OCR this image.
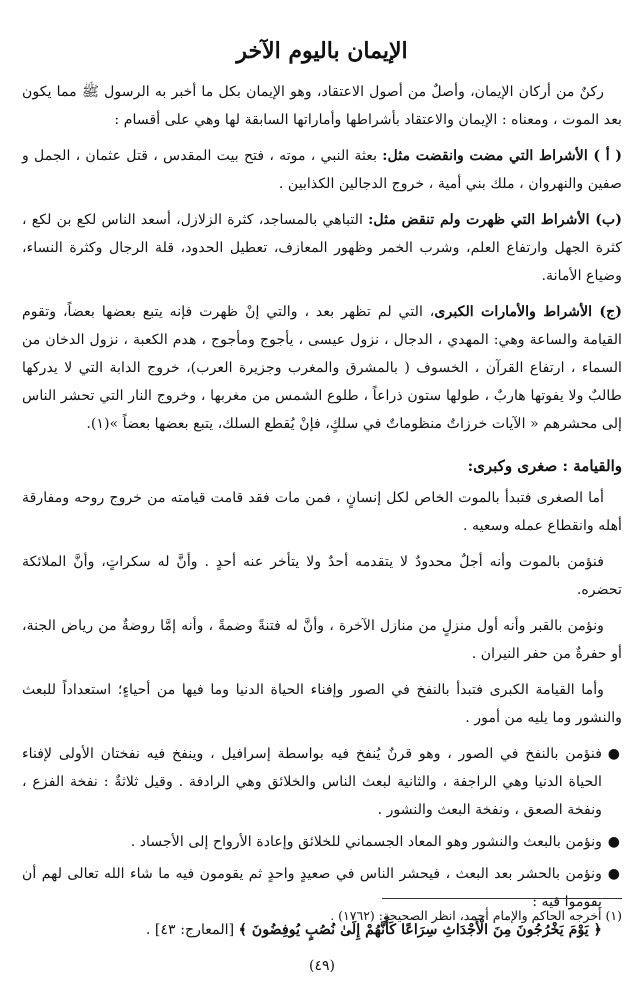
الإيمان باليوم الآخر

ركنٌ من أركان الإيمان، وأصلٌ من أصول الاعتقاد، وهو الإيمان بكل ما أخبر به الرسول ﷺ مما يكون بعد الموت ، ومعناه : الإيمان والاعتقاد بأشراطها وأماراتها السابقة لها وهي على أقسام :

( أ ) الأشراط التي مضت وانقضت مثل: بعثة النبي ، موته ، فتح بيت المقدس ، قتل عثمان ، الجمل و صفين والنهروان ، ملك بني أمية ، خروج الدجالين الكذابين .

(ب) الأشراط التي ظهرت ولم تنقض مثل: التباهي بالمساجد، كثرة الزلازل، أسعد الناس لكع بن لكع ، كثرة الجهل وارتفاع العلم، وشرب الخمر وظهور المعازف، تعطيل الحدود، قلة الرجال وكثرة النساء، وضياع الأمانة.

(ج) الأشراط والأمارات الكبرى، التي لم تظهر بعد ، والتي إنْ ظهرت فإنه يتبع بعضها بعضاً، وتقوم القيامة والساعة وهي: المهدي ، الدجال ، نزول عيسى ، يأجوج ومأجوج ، هدم الكعبة ، نزول الدخان من السماء ، ارتفاع القرآن ، الخسوف ( بالمشرق والمغرب وجزيرة العرب)، خروج الدابة التي لا يدركها طالبٌ ولا يفوتها هاربٌ ، طولها ستون ذراعاً ، طلوع الشمس من مغربها ، وخروج النار التي تحشر الناس إلى محشرهم « الآيات خرزاتٌ منظوماتٌ في سلكٍ، فإنْ يُقطع السلك، يتبع بعضها بعضاً »(١).

والقيامة : صغرى وكبرى:

أما الصغرى فتبدأ بالموت الخاص لكل إنسانٍ ، فمن مات فقد قامت قيامته من خروج روحه ومفارقة أهله وانقطاع عمله وسعيه .

فنؤمن بالموت وأنه أجلٌ محدودٌ لا يتقدمه أحدٌ ولا يتأخر عنه أحدٍ . وأنَّ له سكراتٍ، وأنَّ الملائكة تحضره.

ونؤمن بالقبر وأنه أول منزلٍ من منازل الآخرة ، وأنَّ له فتنةً وضمةً ، وأنه إمَّا روضةٌ من رياض الجنة، أو حفرةٌ من حفر النيران .

وأما القيامة الكبرى فتبدأ بالنفخ في الصور وإفناء الحياة الدنيا وما فيها من أحياءٍ؛ استعداداً للبعث والنشور وما يليه من أمور .

●
فنؤمن بالنفخ في الصور ، وهو قرنٌ يُنفخ فيه بواسطة إسرافيل ، وينفخ فيه نفختان الأولى لإفناء الحياة الدنيا وهي الراجفة ، والثانية لبعث الناس والخلائق وهي الرادفة . وقيل ثلاثةٌ : نفخة الفزع ، ونفخة الصعق ، ونفخة البعث والنشور .
●
ونؤمن بالبعث والنشور وهو المعاد الجسماني للخلائق وإعادة الأرواح إلى الأجساد .
●
ونؤمن بالحشر بعد البعث ، فيحشر الناس في صعيدٍ واحدٍ ثم يقومون فيه ما شاء الله تعالى لهم أن يقوموا فيه :
﴿ يَوْمَ يَخْرُجُونَ مِنَ الْأَجْدَاثِ سِرَاعًا كَأَنَّهُمْ إِلَىٰ نُصُبٍ يُوفِضُونَ ﴾ [المعارج: ٤٣] .
(١) أخرجه الحاكم والإمام أحمد، انظر الصحيحة: (١٧٦٢) .
(٤٩)
